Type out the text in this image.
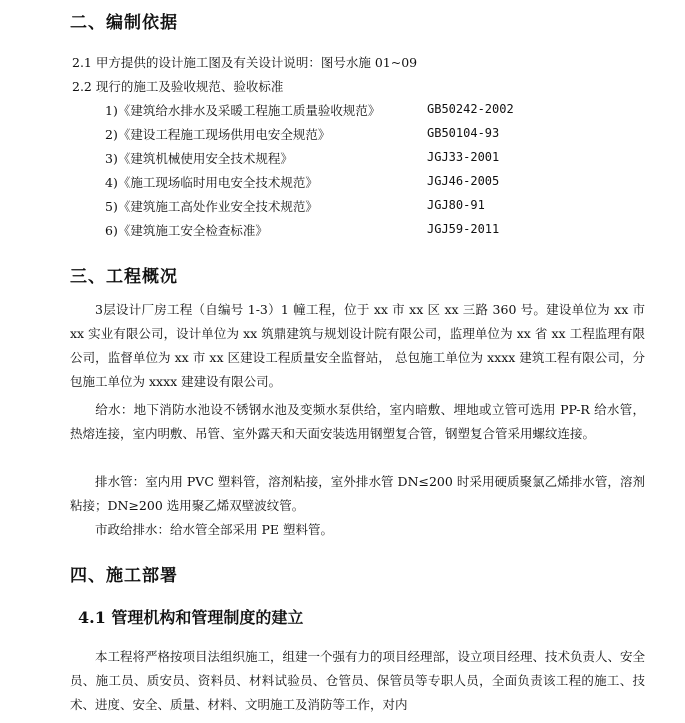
二、编制依据
2.1 甲方提供的设计施工图及有关设计说明：图号水施 01~09
2.2 现行的施工及验收规范、验收标准
1)《建筑给水排水及采暖工程施工质量验收规范》	GB50242-2002
2)《建设工程施工现场供用电安全规范》	GB50104-93
3)《建筑机械使用安全技术规程》	JGJ33-2001
4)《施工现场临时用电安全技术规范》	JGJ46-2005
5)《建筑施工高处作业安全技术规范》	JGJ80-91
6)《建筑施工安全检查标准》	JGJ59-2011
三、工程概况
3层设计厂房工程（自编号 1-3）1 幢工程，位于 xx 市 xx 区 xx 三路 360 号。建设单位为 xx 市 xx 实业有限公司，设计单位为 xx 筑鼎建筑与规划设计院有限公司，监理单位为 xx 省 xx 工程监理有限公司，监督单位为 xx 市 xx 区建设工程质量安全监督站， 总包施工单位为 xxxx 建筑工程有限公司，分包施工单位为 xxxx 建建设有限公司。
给水：地下消防水池设不锈钢水池及变频水泵供给，室内暗敷、埋地或立管可选用 PP-R 给水管，热熔连接，室内明敷、吊管、室外露天和天面安装选用钢塑复合管，钢塑复合管采用螺纹连接。
排水管：室内用 PVC 塑料管，溶剂粘接，室外排水管 DN≤200 时采用硬质聚氯乙烯排水管，溶剂粘接；DN≥200 选用聚乙烯双壁波纹管。
市政给排水：给水管全部采用 PE 塑料管。
四、施工部署
4.1 管理机构和管理制度的建立
本工程将严格按项目法组织施工，组建一个强有力的项目经理部，设立项目经理、技术负责人、安全员、施工员、质安员、资料员、材料试验员、仓管员、保管员等专职人员，全面负责该工程的施工、技术、进度、安全、质量、材料、文明施工及消防等工作，对内
